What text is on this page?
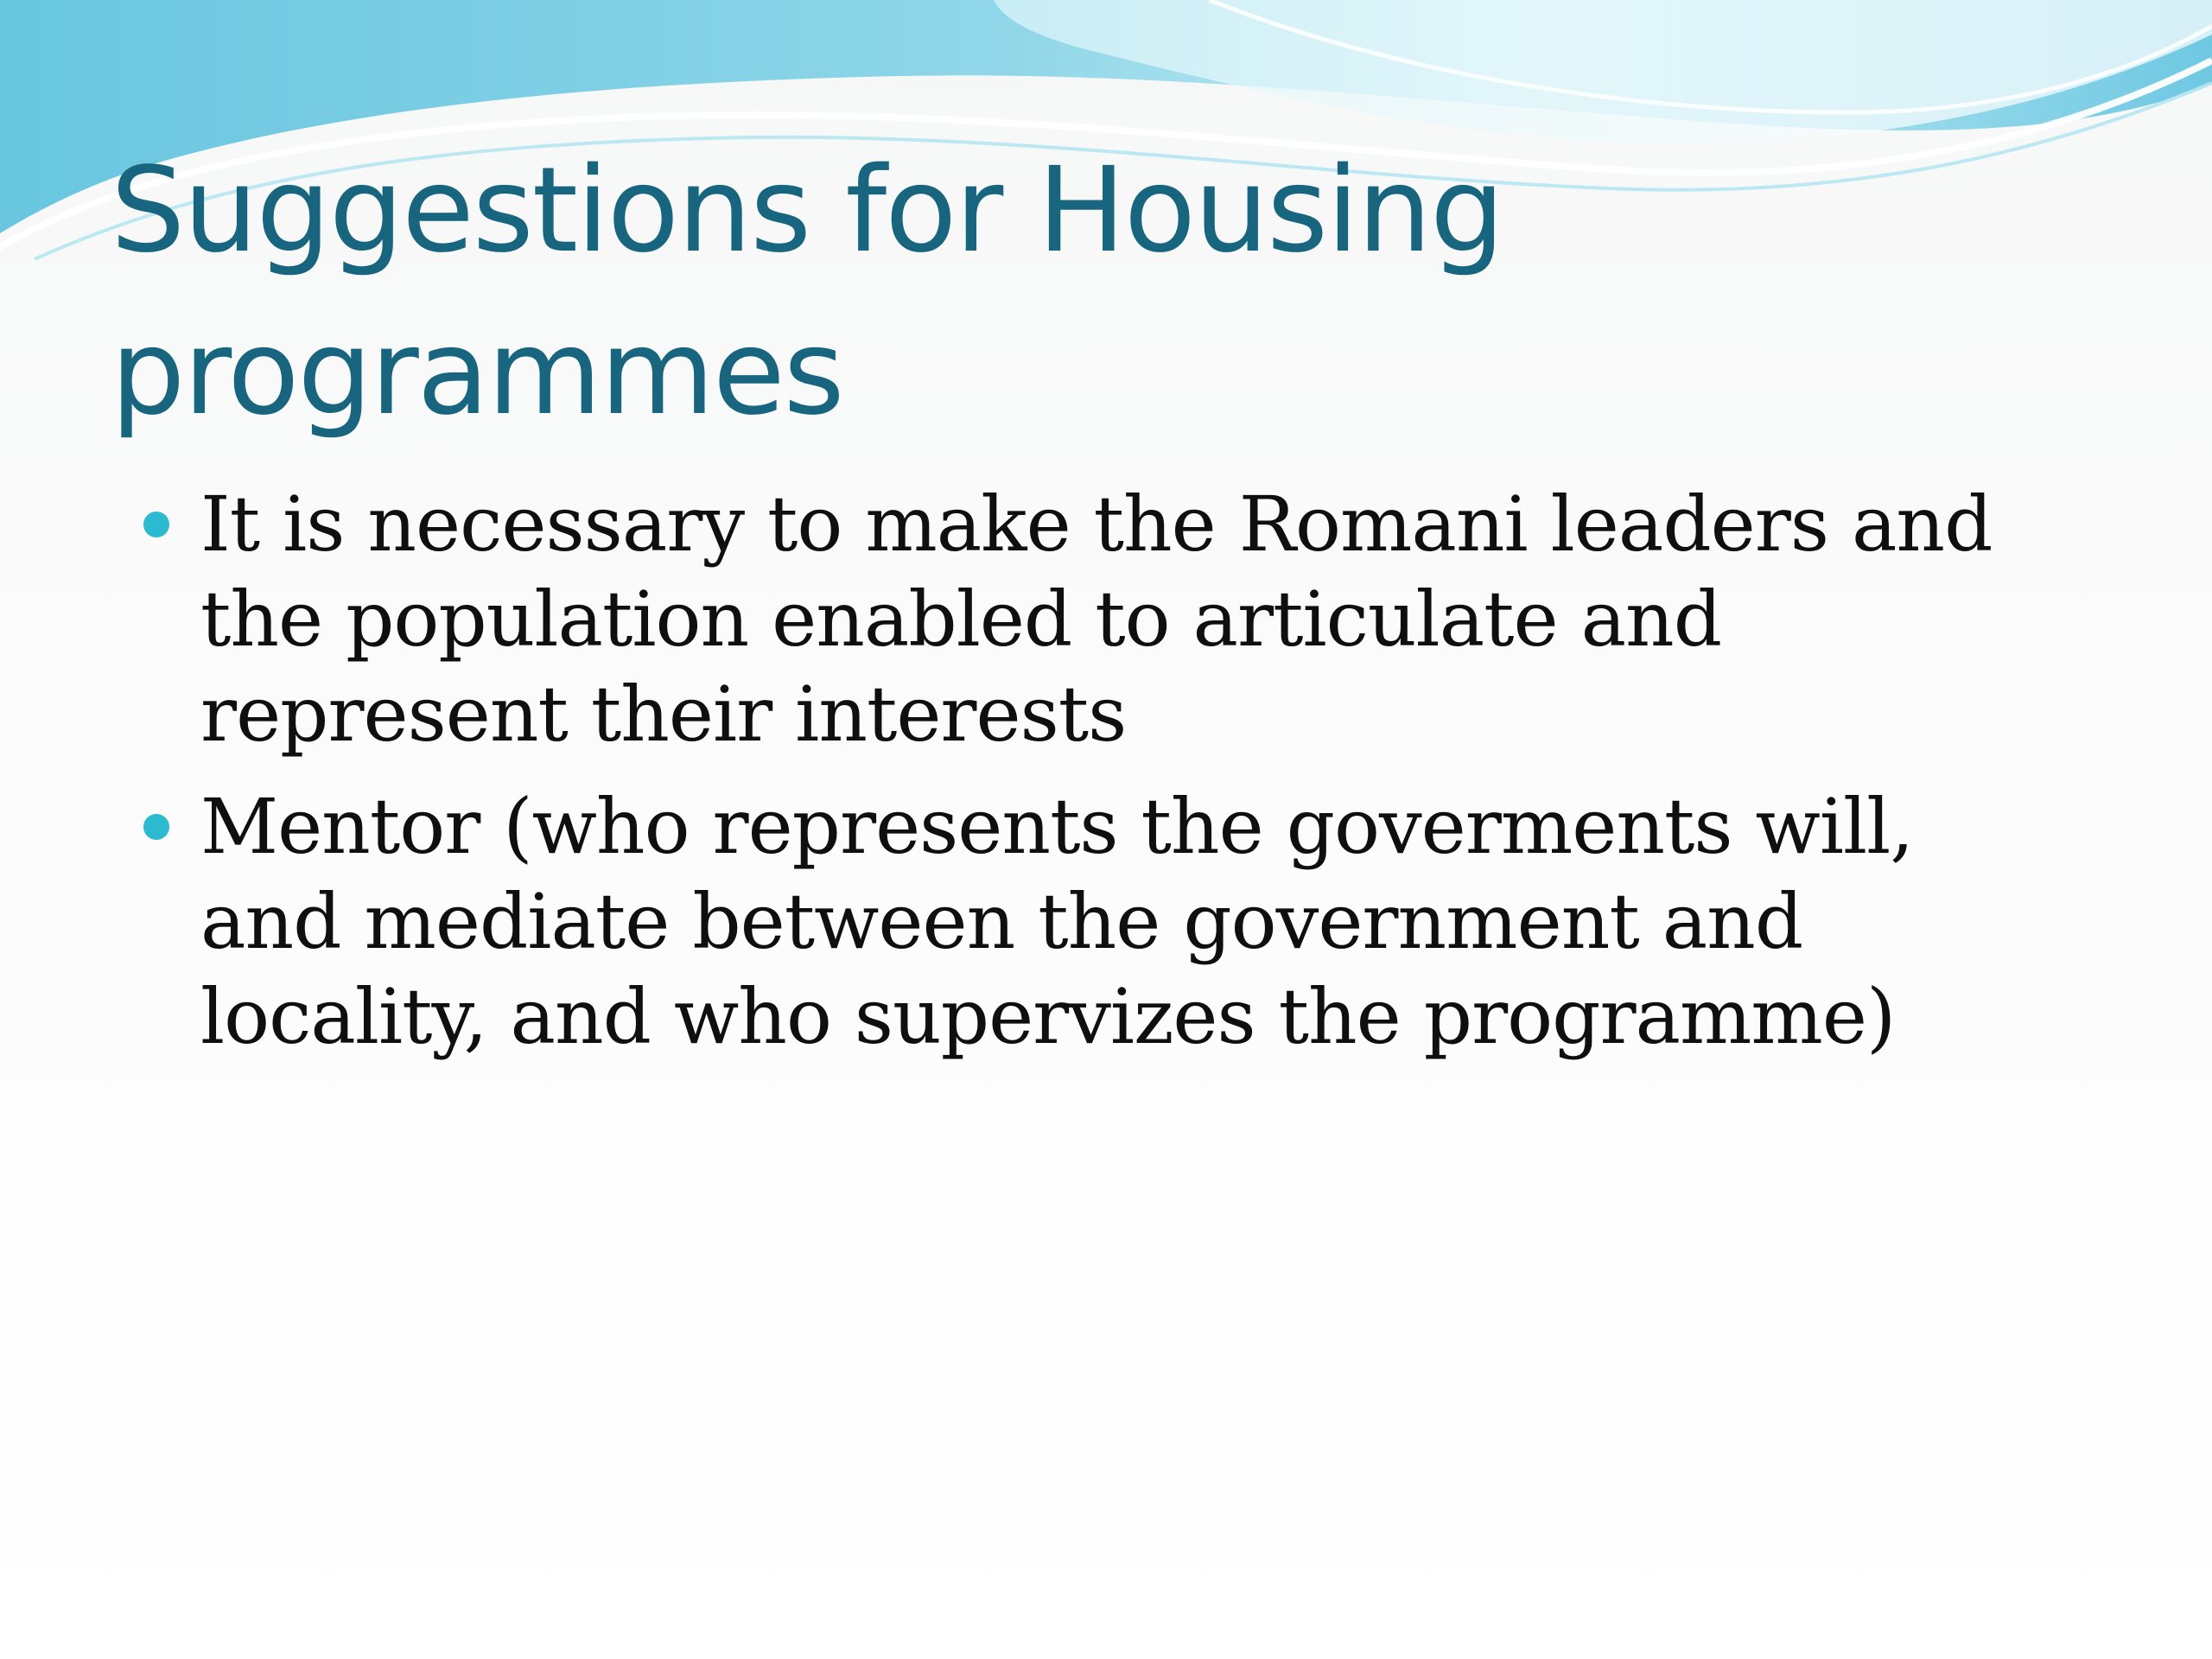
Suggestions for Housing programmes
It is necessary to make the Romani leaders and the population enabled to articulate and represent their interests
Mentor (who represents the goverments will, and mediate between the government and locality, and who supervizes the programme)
